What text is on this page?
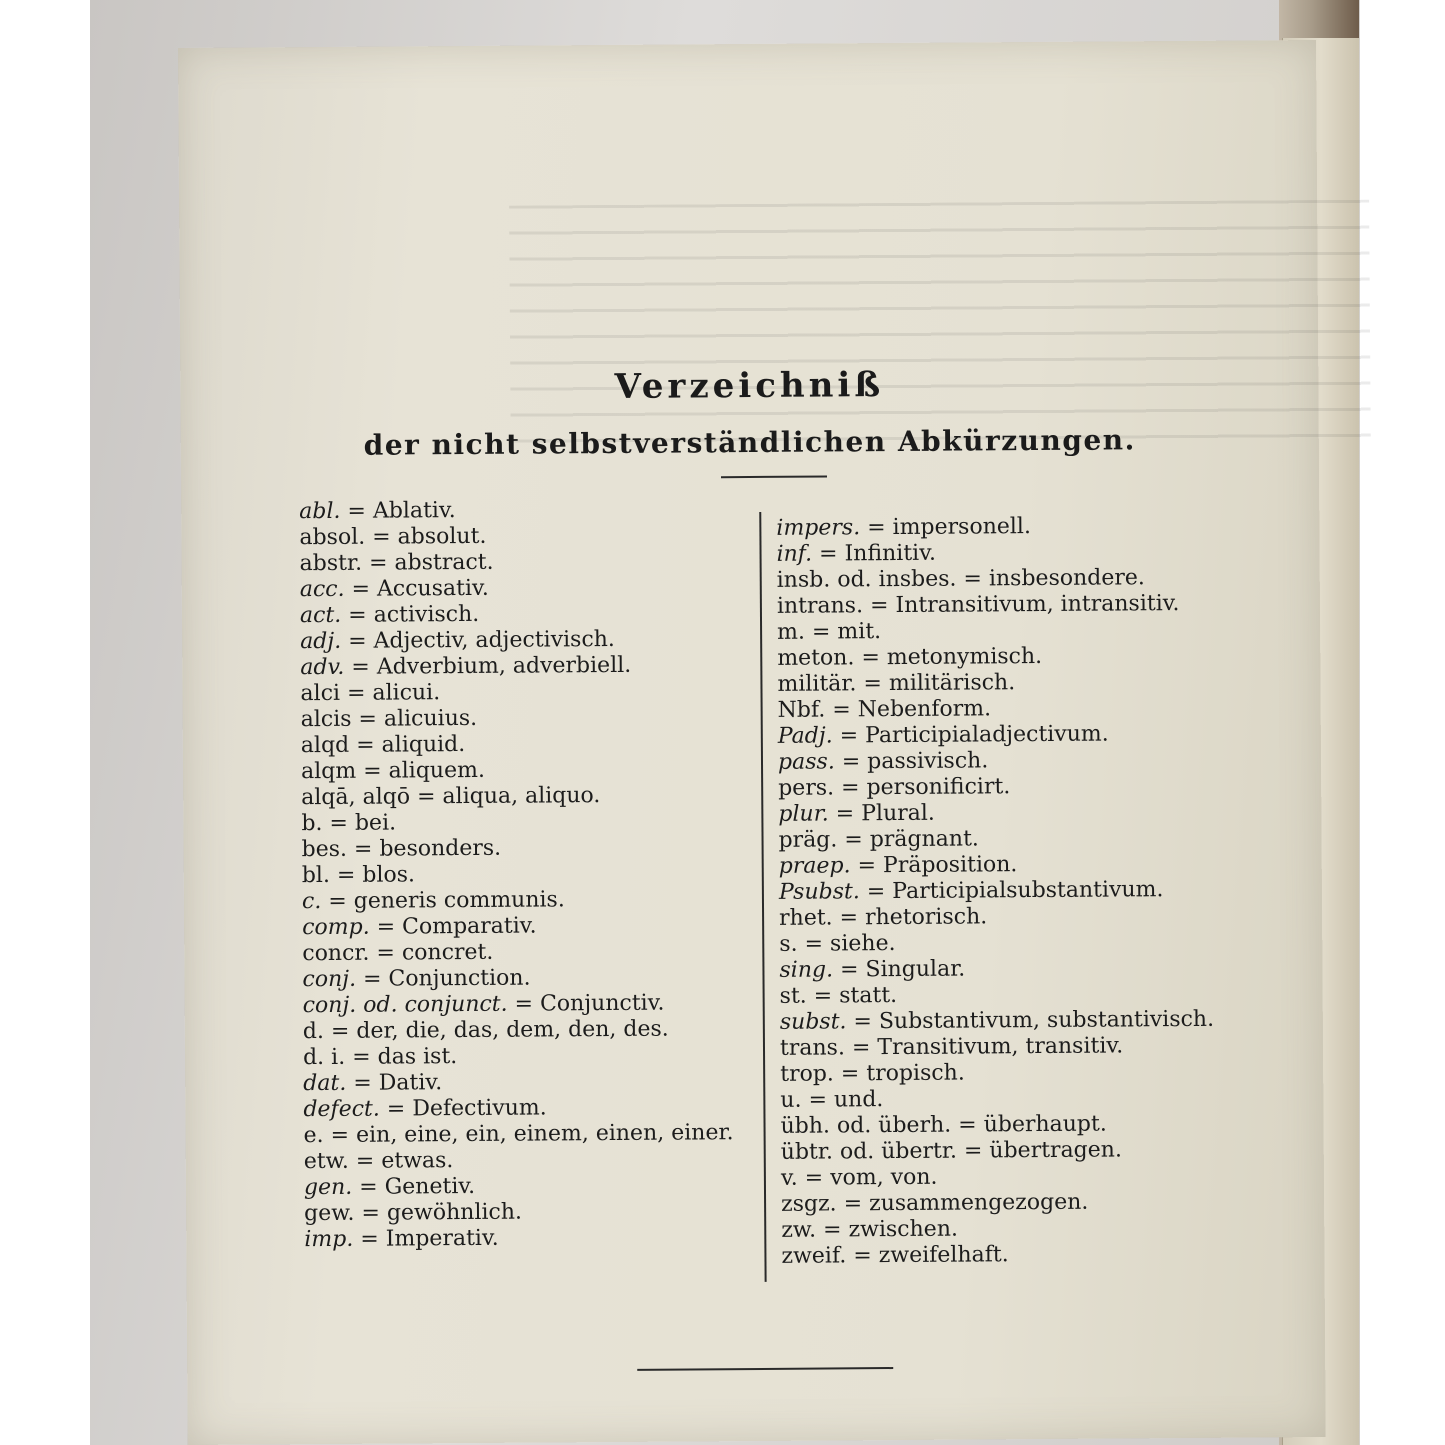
Verzeichniß
der nicht selbstverständlichen Abkürzungen.
abl. = Ablativ.
absol. = absolut.
abstr. = abstract.
acc. = Accusativ.
act. = activisch.
adj. = Adjectiv, adjectivisch.
adv. = Adverbium, adverbiell.
alci = alicui.
alcis = alicuius.
alqd = aliquid.
alqm = aliquem.
alqā, alqō = aliqua, aliquo.
b. = bei.
bes. = besonders.
bl. = blos.
c. = generis communis.
comp. = Comparativ.
concr. = concret.
conj. = Conjunction.
conj. od. conjunct. = Conjunctiv.
d. = der, die, das, dem, den, des.
d. i. = das ist.
dat. = Dativ.
defect. = Defectivum.
e. = ein, eine, ein, einem, einen, einer.
etw. = etwas.
gen. = Genetiv.
gew. = gewöhnlich.
imp. = Imperativ.
impers. = impersonell.
inf. = Infinitiv.
insb. od. insbes. = insbesondere.
intrans. = Intransitivum, intransitiv.
m. = mit.
meton. = metonymisch.
militär. = militärisch.
Nbf. = Nebenform.
Padj. = Participialadjectivum.
pass. = passivisch.
pers. = personificirt.
plur. = Plural.
präg. = prägnant.
praep. = Präposition.
Psubst. = Participialsubstantivum.
rhet. = rhetorisch.
s. = siehe.
sing. = Singular.
st. = statt.
subst. = Substantivum, substantivisch.
trans. = Transitivum, transitiv.
trop. = tropisch.
u. = und.
übh. od. überh. = überhaupt.
übtr. od. übertr. = übertragen.
v. = vom, von.
zsgz. = zusammengezogen.
zw. = zwischen.
zweif. = zweifelhaft.
